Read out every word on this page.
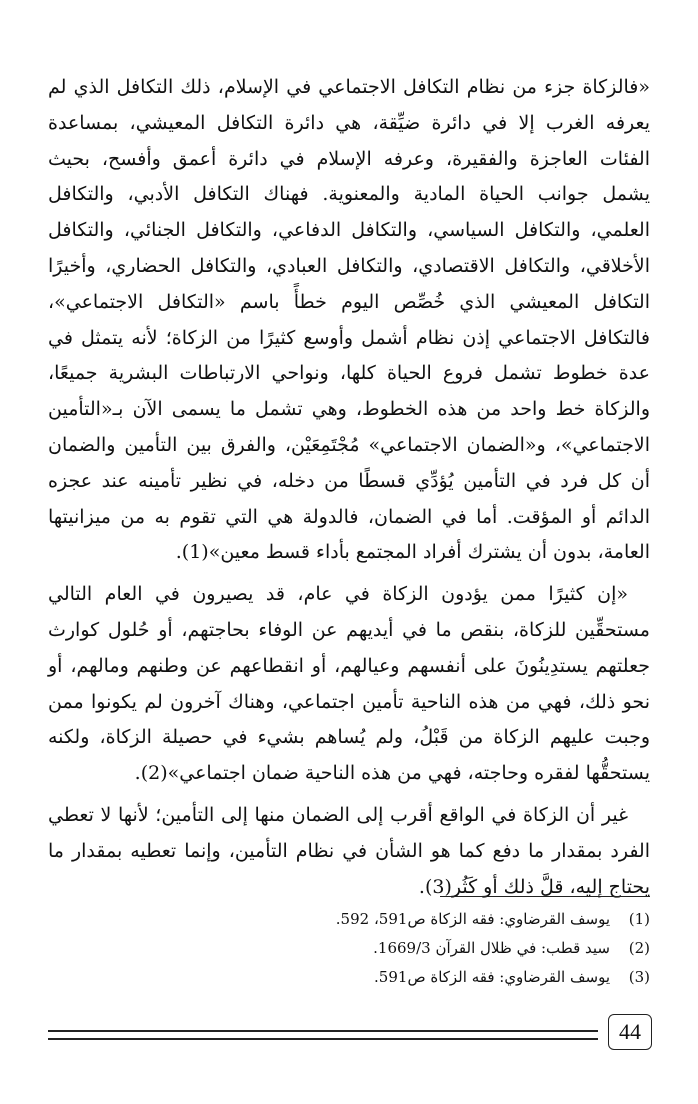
«فالزكاة جزء من نظام التكافل الاجتماعي في الإسلام، ذلك التكافل الذي لم يعرفه الغرب إلا في دائرة ضيِّقة، هي دائرة التكافل المعيشي، بمساعدة الفئات العاجزة والفقيرة، وعرفه الإسلام في دائرة أعمق وأفسح، بحيث يشمل جوانب الحياة المادية والمعنوية. فهناك التكافل الأدبي، والتكافل العلمي، والتكافل السياسي، والتكافل الدفاعي، والتكافل الجنائي، والتكافل الأخلاقي، والتكافل الاقتصادي، والتكافل العبادي، والتكافل الحضاري، وأخيرًا التكافل المعيشي الذي خُصِّص اليوم خطأً باسم «التكافل الاجتماعي»، فالتكافل الاجتماعي إذن نظام أشمل وأوسع كثيرًا من الزكاة؛ لأنه يتمثل في عدة خطوط تشمل فروع الحياة كلها، ونواحي الارتباطات البشرية جميعًا، والزكاة خط واحد من هذه الخطوط، وهي تشمل ما يسمى الآن بـ«التأمين الاجتماعي»، و«الضمان الاجتماعي» مُجْتَمِعَيْن، والفرق بين التأمين والضمان أن كل فرد في التأمين يُؤدِّي قسطًا من دخله، في نظير تأمينه عند عجزه الدائم أو المؤقت. أما في الضمان، فالدولة هي التي تقوم به من ميزانيتها العامة، بدون أن يشترك أفراد المجتمع بأداء قسط معين»(1).

«إن كثيرًا ممن يؤدون الزكاة في عام، قد يصيرون في العام التالي مستحقِّين للزكاة، بنقص ما في أيديهم عن الوفاء بحاجتهم، أو حُلول كوارث جعلتهم يستدِينُونَ على أنفسهم وعيالهم، أو انقطاعهم عن وطنهم ومالهم، أو نحو ذلك، فهي من هذه الناحية تأمين اجتماعي، وهناك آخرون لم يكونوا ممن وجبت عليهم الزكاة من قَبْلُ، ولم يُساهم بشيء في حصيلة الزكاة، ولكنه يستحقُّها لفقره وحاجته، فهي من هذه الناحية ضمان اجتماعي»(2).

غير أن الزكاة في الواقع أقرب إلى الضمان منها إلى التأمين؛ لأنها لا تعطي الفرد بمقدار ما دفع كما هو الشأن في نظام التأمين، وإنما تعطيه بمقدار ما يحتاج إليه، قلَّ ذلك أو كَثُر(3).

(1)
يوسف القرضاوي: فقه الزكاة ص591، 592.
(2)
سيد قطب: في ظلال القرآن 1669/3.
(3)
يوسف القرضاوي: فقه الزكاة ص591.
44
